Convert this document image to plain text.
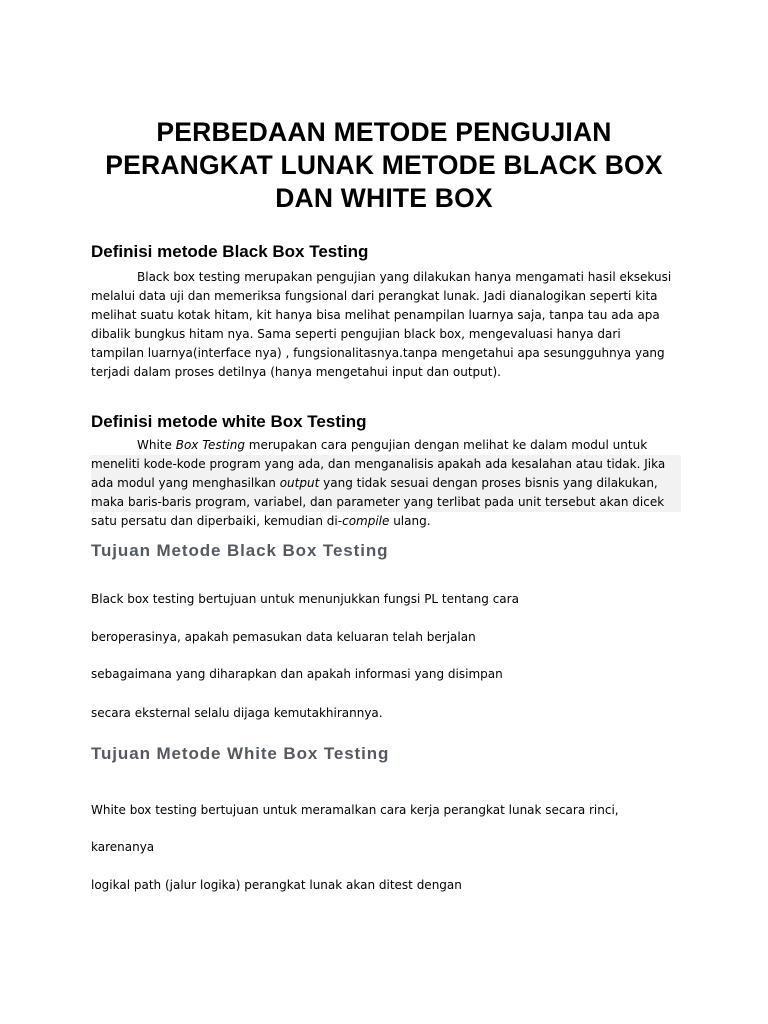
PERBEDAAN METODE PENGUJIAN
PERANGKAT LUNAK METODE BLACK BOX
DAN WHITE BOX
Definisi metode Black Box Testing
Black box testing merupakan pengujian yang dilakukan hanya mengamati hasil eksekusi
melalui data uji dan memeriksa fungsional dari perangkat lunak. Jadi dianalogikan seperti kita
melihat suatu kotak hitam, kit hanya bisa melihat penampilan luarnya saja, tanpa tau ada apa
dibalik bungkus hitam nya. Sama seperti pengujian black box, mengevaluasi hanya dari
tampilan luarnya(interface nya) , fungsionalitasnya.tanpa mengetahui apa sesungguhnya yang
terjadi dalam proses detilnya (hanya mengetahui input dan output).
Definisi metode white Box Testing
White Box Testing merupakan cara pengujian dengan melihat ke dalam modul untuk
meneliti kode-kode program yang ada, dan menganalisis apakah ada kesalahan atau tidak. Jika
ada modul yang menghasilkan output yang tidak sesuai dengan proses bisnis yang dilakukan,
maka baris-baris program, variabel, dan parameter yang terlibat pada unit tersebut akan dicek
satu persatu dan diperbaiki, kemudian di-compile ulang.
Tujuan Metode Black Box Testing

Black box testing bertujuan untuk menunjukkan fungsi PL tentang cara

beroperasinya, apakah pemasukan data keluaran telah berjalan

sebagaimana yang diharapkan dan apakah informasi yang disimpan

secara eksternal selalu dijaga kemutakhirannya.

Tujuan Metode White Box Testing

White box testing bertujuan untuk meramalkan cara kerja perangkat lunak secara rinci,

karenanya

logikal path (jalur logika) perangkat lunak akan ditest dengan
